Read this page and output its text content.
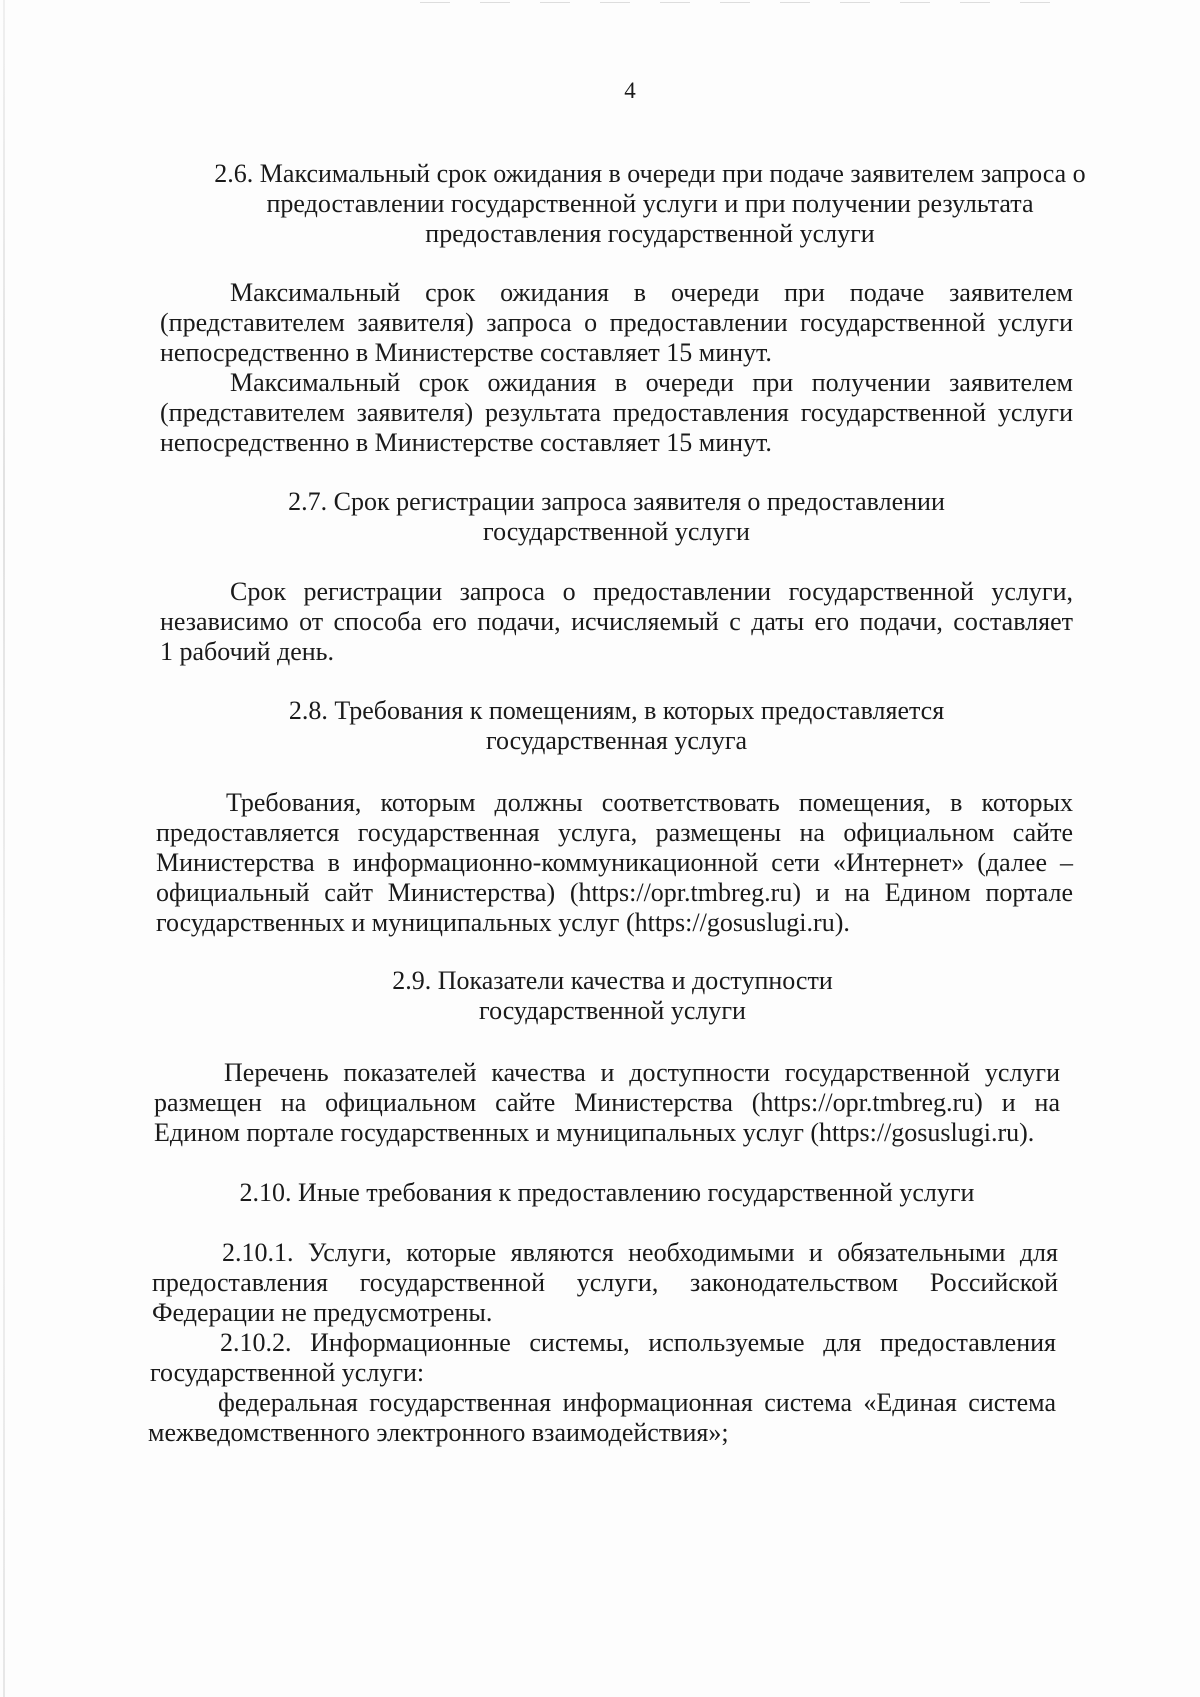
4
2.6. Максимальный срок ожидания в очереди при подаче заявителем запроса о
предоставлении государственной услуги и при получении результата
предоставления государственной услуги
Максимальный срок ожидания в очереди при подаче заявителем
(представителем заявителя) запроса о предоставлении государственной услуги
непосредственно в Министерстве составляет 15 минут.
Максимальный срок ожидания в очереди при получении заявителем
(представителем заявителя) результата предоставления государственной услуги
непосредственно в Министерстве составляет 15 минут.
2.7. Срок регистрации запроса заявителя о предоставлении
государственной услуги
Срок регистрации запроса о предоставлении государственной услуги,
независимо от способа его подачи, исчисляемый с даты его подачи, составляет
1 рабочий день.
2.8. Требования к помещениям, в которых предоставляется
государственная услуга
Требования, которым должны соответствовать помещения, в которых
предоставляется государственная услуга, размещены на официальном сайте
Министерства в информационно-коммуникационной сети «Интернет» (далее –
официальный сайт Министерства) (https://opr.tmbreg.ru) и на Едином портале
государственных и муниципальных услуг (https://gosuslugi.ru).
2.9. Показатели качества и доступности
государственной услуги
Перечень показателей качества и доступности государственной услуги
размещен на официальном сайте Министерства (https://opr.tmbreg.ru) и на
Едином портале государственных и муниципальных услуг (https://gosuslugi.ru).
2.10. Иные требования к предоставлению государственной услуги
2.10.1. Услуги, которые являются необходимыми и обязательными для
предоставления государственной услуги, законодательством Российской
Федерации не предусмотрены.
2.10.2. Информационные системы, используемые для предоставления
государственной услуги:
федеральная государственная информационная система «Единая система
межведомственного электронного взаимодействия»;
